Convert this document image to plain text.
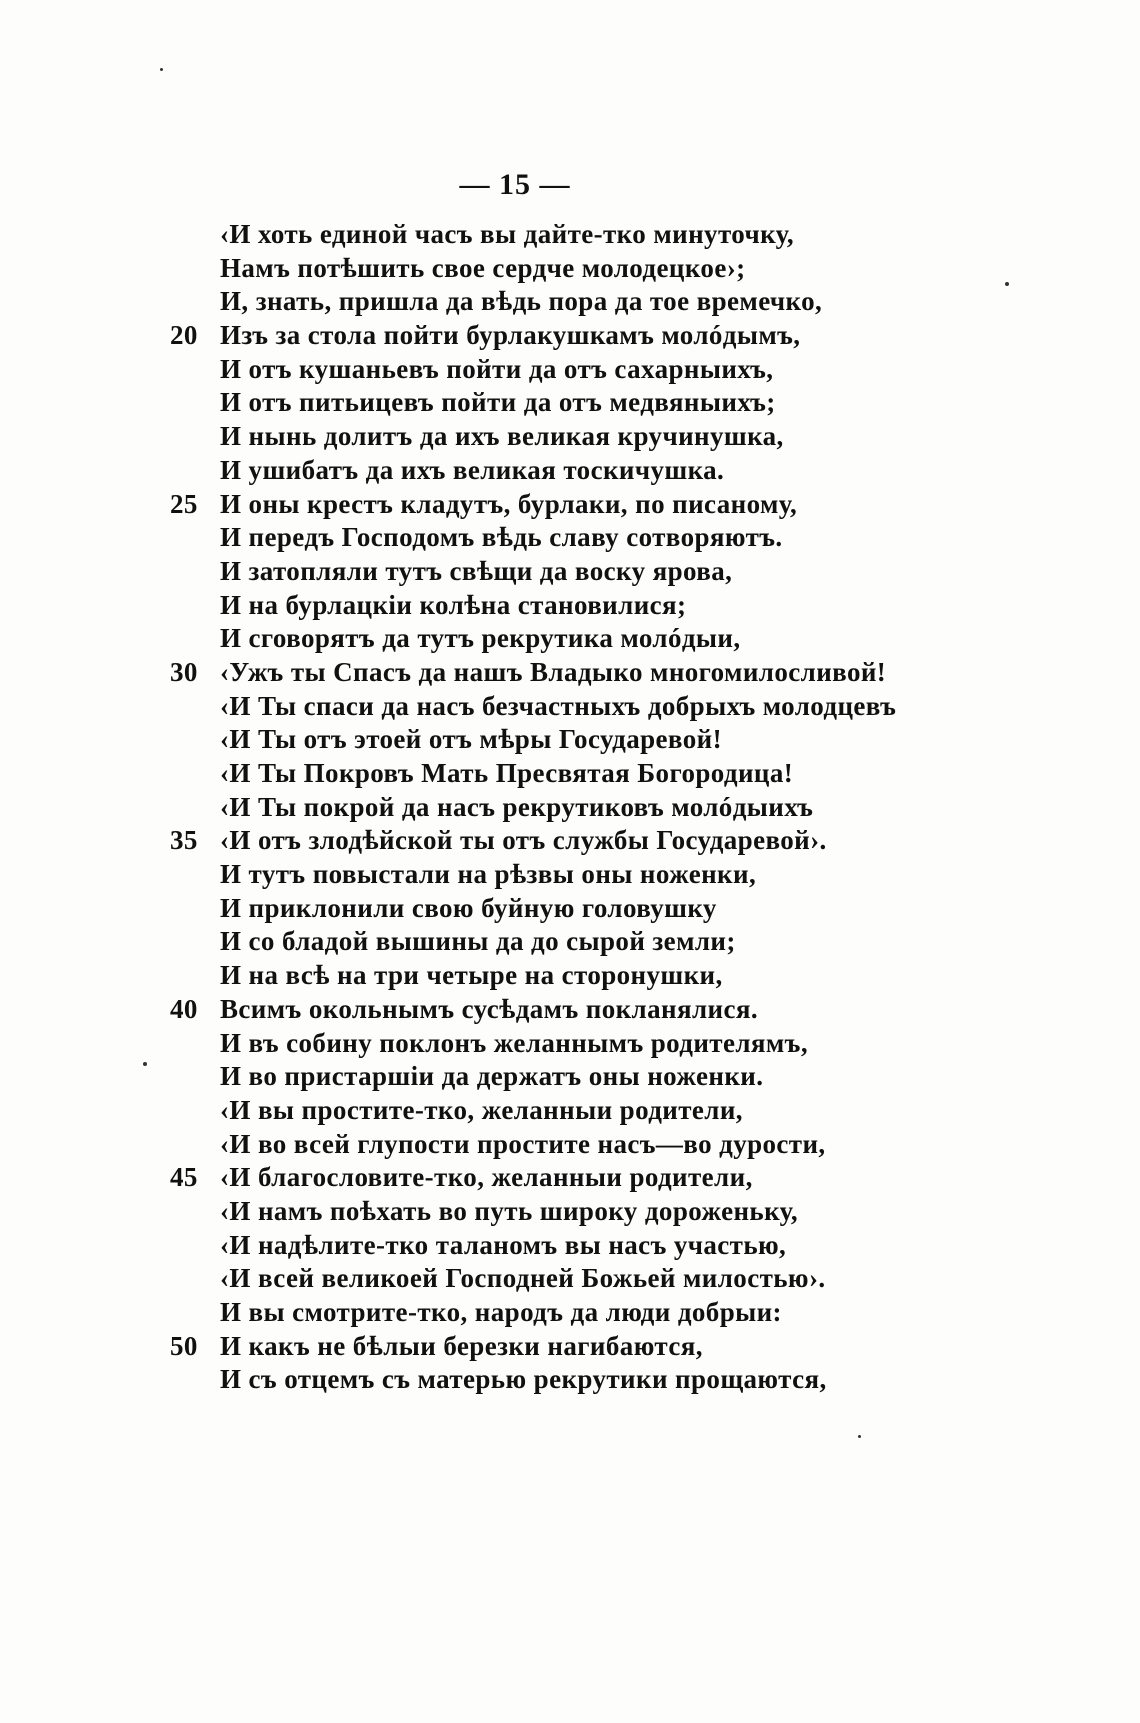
— 15 —
‹И хоть единой часъ вы дайте-тко минуточку,
Намъ потѣшить свое сердче молодецкое›;
И, знать, пришла да вѣдь пора да тое времечко,
20 Изъ за стола пойти бурлакушкамъ молóдымъ,
И отъ кушаньевъ пойти да отъ сахарныихъ,
И отъ питьицевъ пойти да отъ медвяныихъ;
И нынь долитъ да ихъ великая кручинушка,
И ушибатъ да ихъ великая тоскичушка.
25 И оны крестъ кладутъ, бурлаки, по писаному,
И передъ Господомъ вѣдь славу сотворяютъ.
И затопляли тутъ свѣщи да воску ярова,
И на бурлацкіи колѣна становилися;
И сговорятъ да тутъ рекрутика молóдыи,
30 ‹Ужъ ты Спасъ да нашъ Владыко многомилосливой!
‹И Ты спаси да насъ безчастныхъ добрыхъ молодцевъ
‹И Ты отъ этоей отъ мѣры Государевой!
‹И Ты Покровъ Мать Пресвятая Богородица!
‹И Ты покрой да насъ рекрутиковъ молóдыихъ
35 ‹И отъ злодѣйской ты отъ службы Государевой›.
И тутъ повыстали на рѣзвы оны ноженки,
И приклонили свою буйную головушку
И со бладой вышины да до сырой земли;
И на всѣ на три четыре на сторонушки,
40 Всимъ окольнымъ сусѣдамъ покланялися.
И въ собину поклонъ желаннымъ родителямъ,
И во пристаршіи да держатъ оны ноженки.
‹И вы простите-тко, желанныи родители,
‹И во всей глупости простите насъ—во дурости,
45 ‹И благословите-тко, желанныи родители,
‹И намъ поѣхать во путь широку дороженьку,
‹И надѣлите-тко таланомъ вы насъ участью,
‹И всей великоей Господней Божьей милостью›.
И вы смотрите-тко, народъ да люди добрыи:
50 И какъ не бѣлыи березки нагибаются,
И съ отцемъ съ матерью рекрутики прощаются,
